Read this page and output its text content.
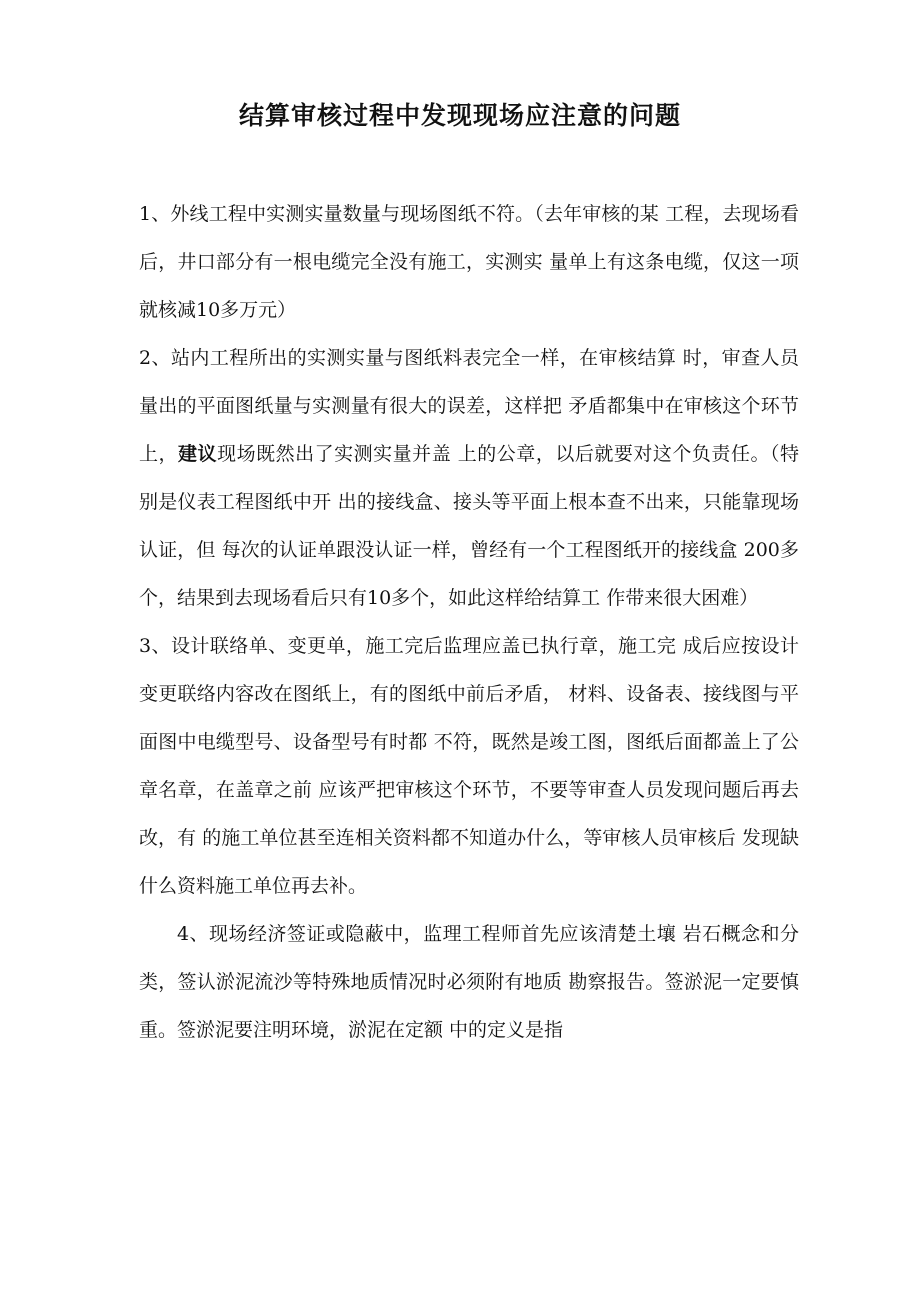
结算审核过程中发现现场应注意的问题

1、外线工程中实测实量数量与现场图纸不符。（去年审核的某 工程，去现场看后，井口部分有一根电缆完全没有施工，实测实 量单上有这条电缆，仅这一项就核减10多万元）

2、站内工程所出的实测实量与图纸料表完全一样，在审核结算 时，审查人员量出的平面图纸量与实测量有很大的误差，这样把 矛盾都集中在审核这个环节上，建议现场既然出了实测实量并盖 上的公章，以后就要对这个负责任。（特别是仪表工程图纸中开 出的接线盒、接头等平面上根本查不出来，只能靠现场认证，但 每次的认证单跟没认证一样，曾经有一个工程图纸开的接线盒 200多个，结果到去现场看后只有10多个，如此这样给结算工 作带来很大困难）

3、设计联络单、变更单，施工完后监理应盖已执行章，施工完 成后应按设计变更联络内容改在图纸上，有的图纸中前后矛盾， 材料、设备表、接线图与平面图中电缆型号、设备型号有时都 不符，既然是竣工图，图纸后面都盖上了公章名章，在盖章之前 应该严把审核这个环节，不要等审查人员发现问题后再去改，有 的施工单位甚至连相关资料都不知道办什么，等审核人员审核后 发现缺什么资料施工单位再去补。

4、现场经济签证或隐蔽中，监理工程师首先应该清楚土壤 岩石概念和分类，签认淤泥流沙等特殊地质情况时必须附有地质 勘察报告。签淤泥一定要慎重。签淤泥要注明环境，淤泥在定额 中的定义是指
